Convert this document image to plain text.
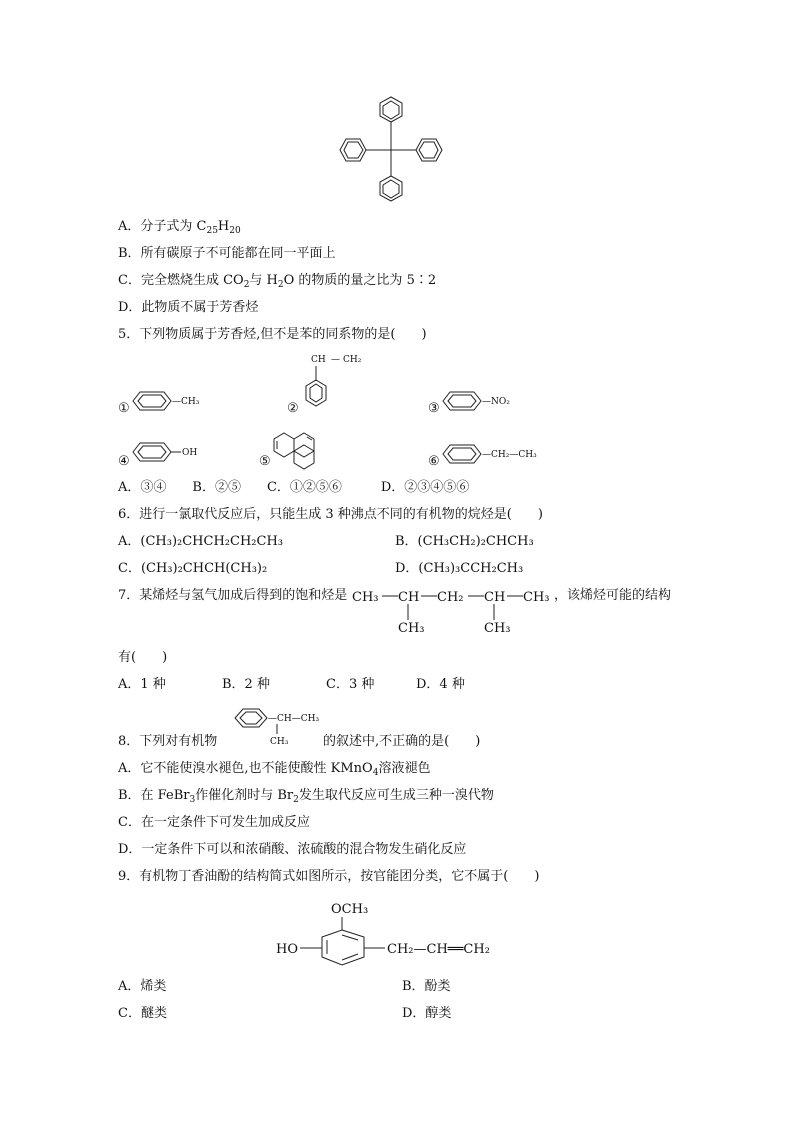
A．分子式为 $C_{25}H_{20}$
B．所有碳原子不可能都在同一平面上
C．完全燃烧生成 $CO_2$与 $H_2O$ 的物质的量之比为 5∶2
D．此物质不属于芳香烃
5．下列物质属于芳香烃,但不是苯的同系物的是(　　)
①	—CH₃	②
CH — CH₂
③	—NO₂
④
OH
⑤	⑥	—CH₂—CH₃
A．③④　　B．②⑤　　C．①②⑤⑥　　　D．②③④⑤⑥
6．进行一氯取代反应后，只能生成 3 种沸点不同的有机物的烷烃是(　　)
A．(CH₃)₂CHCH₂CH₂CH₃	B．(CH₃CH₂)₂CHCH₃
C．(CH₃)₂CHCH(CH₃)₂	D．(CH₃)₃CCH₂CH₃
7．某烯烃与氢气加成后得到的饱和烃是 CH₃ CH CH₂ CH CH₃
CH₃	CH₃
，该烯烃可能的结构
有(　　)
A．1 种	B．2 种	C．3 种	D．4 种
8．下列对有机物
—CH—CH₃
CH₃	的叙述中,不正确的是(　　)
A．它不能使溴水褪色,也不能使酸性 KMnO$_4$溶液褪色
B．在 FeBr$_3$作催化剂时与 $Br_2$发生取代反应可生成三种一溴代物
C．在一定条件下可发生加成反应
D．一定条件下可以和浓硝酸、浓硫酸的混合物发生硝化反应
9．有机物丁香油酚的结构简式如图所示，按官能团分类，它不属于(　　)
OCH₃
HO	CH₂—CH══CH₂
A．烯类	B．酚类
C．醚类	D．醇类
